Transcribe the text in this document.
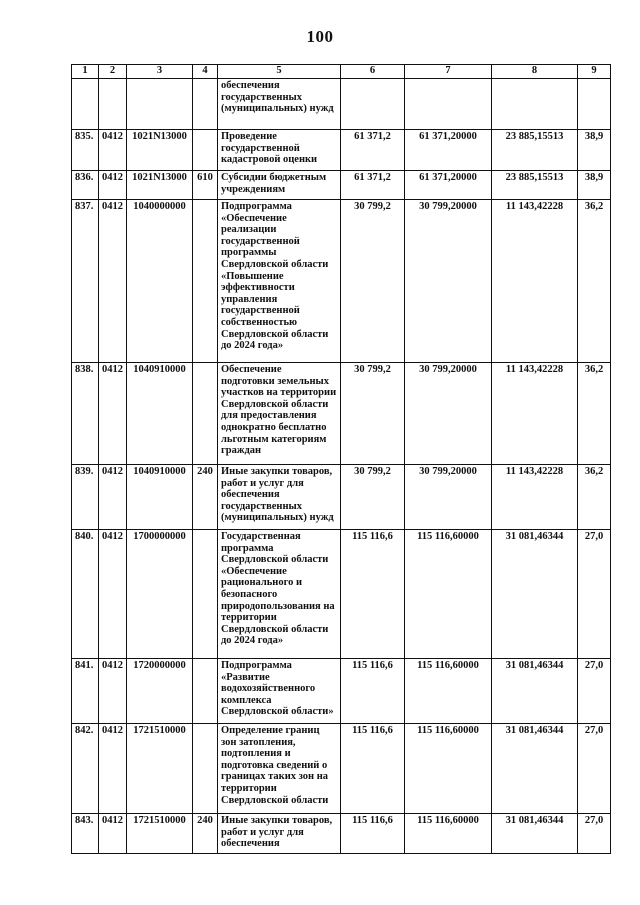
100
1	2	3	4	5	6	7	8	9
				обеспечения государственных (муниципальных) нужд				
835.	0412	1021N13000		Проведение государственной кадастровой оценки	61 371,2	61 371,20000	23 885,15513	38,9
836.	0412	1021N13000	610	Субсидии бюджетным учреждениям	61 371,2	61 371,20000	23 885,15513	38,9
837.	0412	1040000000		Подпрограмма «Обеспечение реализации государственной программы Свердловской области «Повышение эффективности управления государственной собственностью Свердловской области до 2024 года»	30 799,2	30 799,20000	11 143,42228	36,2
838.	0412	1040910000		Обеспечение подготовки земельных участков на территории Свердловской области для предоставления однократно бесплатно льготным категориям граждан	30 799,2	30 799,20000	11 143,42228	36,2
839.	0412	1040910000	240	Иные закупки товаров, работ и услуг для обеспечения государственных (муниципальных) нужд	30 799,2	30 799,20000	11 143,42228	36,2
840.	0412	1700000000		Государственная программа Свердловской области «Обеспечение рационального и безопасного природопользования на территории Свердловской области до 2024 года»	115 116,6	115 116,60000	31 081,46344	27,0
841.	0412	1720000000		Подпрограмма «Развитие водохозяйственного комплекса Свердловской области»	115 116,6	115 116,60000	31 081,46344	27,0
842.	0412	1721510000		Определение границ зон затопления, подтопления и подготовка сведений о границах таких зон на территории Свердловской области	115 116,6	115 116,60000	31 081,46344	27,0
843.	0412	1721510000	240	Иные закупки товаров, работ и услуг для обеспечения	115 116,6	115 116,60000	31 081,46344	27,0
